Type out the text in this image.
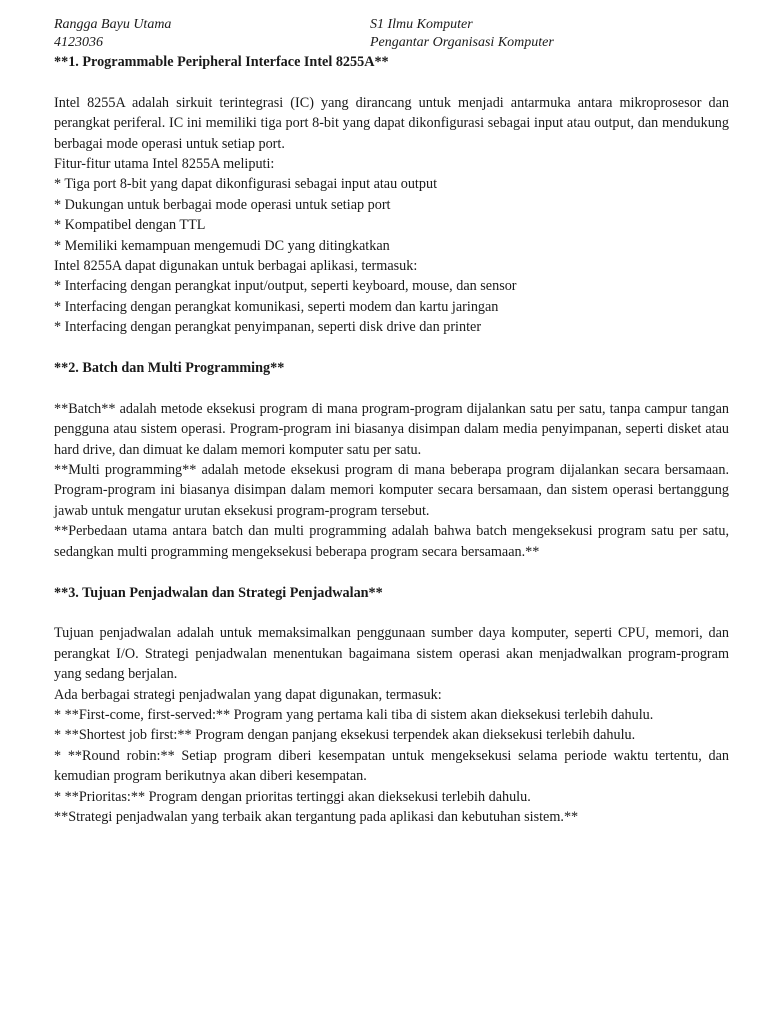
Rangga Bayu Utama
4123036
S1 Ilmu Komputer
Pengantar Organisasi Komputer
**1. Programmable Peripheral Interface Intel 8255A**

Intel 8255A adalah sirkuit terintegrasi (IC) yang dirancang untuk menjadi antarmuka antara mikroprosesor dan perangkat periferal. IC ini memiliki tiga port 8-bit yang dapat dikonfigurasi sebagai input atau output, dan mendukung berbagai mode operasi untuk setiap port.

Fitur-fitur utama Intel 8255A meliputi:

* Tiga port 8-bit yang dapat dikonfigurasi sebagai input atau output
* Dukungan untuk berbagai mode operasi untuk setiap port
* Kompatibel dengan TTL
* Memiliki kemampuan mengemudi DC yang ditingkatkan

Intel 8255A dapat digunakan untuk berbagai aplikasi, termasuk:

* Interfacing dengan perangkat input/output, seperti keyboard, mouse, dan sensor
* Interfacing dengan perangkat komunikasi, seperti modem dan kartu jaringan
* Interfacing dengan perangkat penyimpanan, seperti disk drive dan printer
**2. Batch dan Multi Programming**

**Batch** adalah metode eksekusi program di mana program-program dijalankan satu per satu, tanpa campur tangan pengguna atau sistem operasi. Program-program ini biasanya disimpan dalam media penyimpanan, seperti disket atau hard drive, dan dimuat ke dalam memori komputer satu per satu.

**Multi programming** adalah metode eksekusi program di mana beberapa program dijalankan secara bersamaan. Program-program ini biasanya disimpan dalam memori komputer secara bersamaan, dan sistem operasi bertanggung jawab untuk mengatur urutan eksekusi program-program tersebut.

**Perbedaan utama antara batch dan multi programming adalah bahwa batch mengeksekusi program satu per satu, sedangkan multi programming mengeksekusi beberapa program secara bersamaan.**

**3. Tujuan Penjadwalan dan Strategi Penjadwalan**

Tujuan penjadwalan adalah untuk memaksimalkan penggunaan sumber daya komputer, seperti CPU, memori, dan perangkat I/O. Strategi penjadwalan menentukan bagaimana sistem operasi akan menjadwalkan program-program yang sedang berjalan.

Ada berbagai strategi penjadwalan yang dapat digunakan, termasuk:

* **First-come, first-served:** Program yang pertama kali tiba di sistem akan dieksekusi terlebih dahulu.
* **Shortest job first:** Program dengan panjang eksekusi terpendek akan dieksekusi terlebih dahulu.
* **Round robin:** Setiap program diberi kesempatan untuk mengeksekusi selama periode waktu tertentu, dan kemudian program berikutnya akan diberi kesempatan.
* **Prioritas:** Program dengan prioritas tertinggi akan dieksekusi terlebih dahulu.

**Strategi penjadwalan yang terbaik akan tergantung pada aplikasi dan kebutuhan sistem.**
